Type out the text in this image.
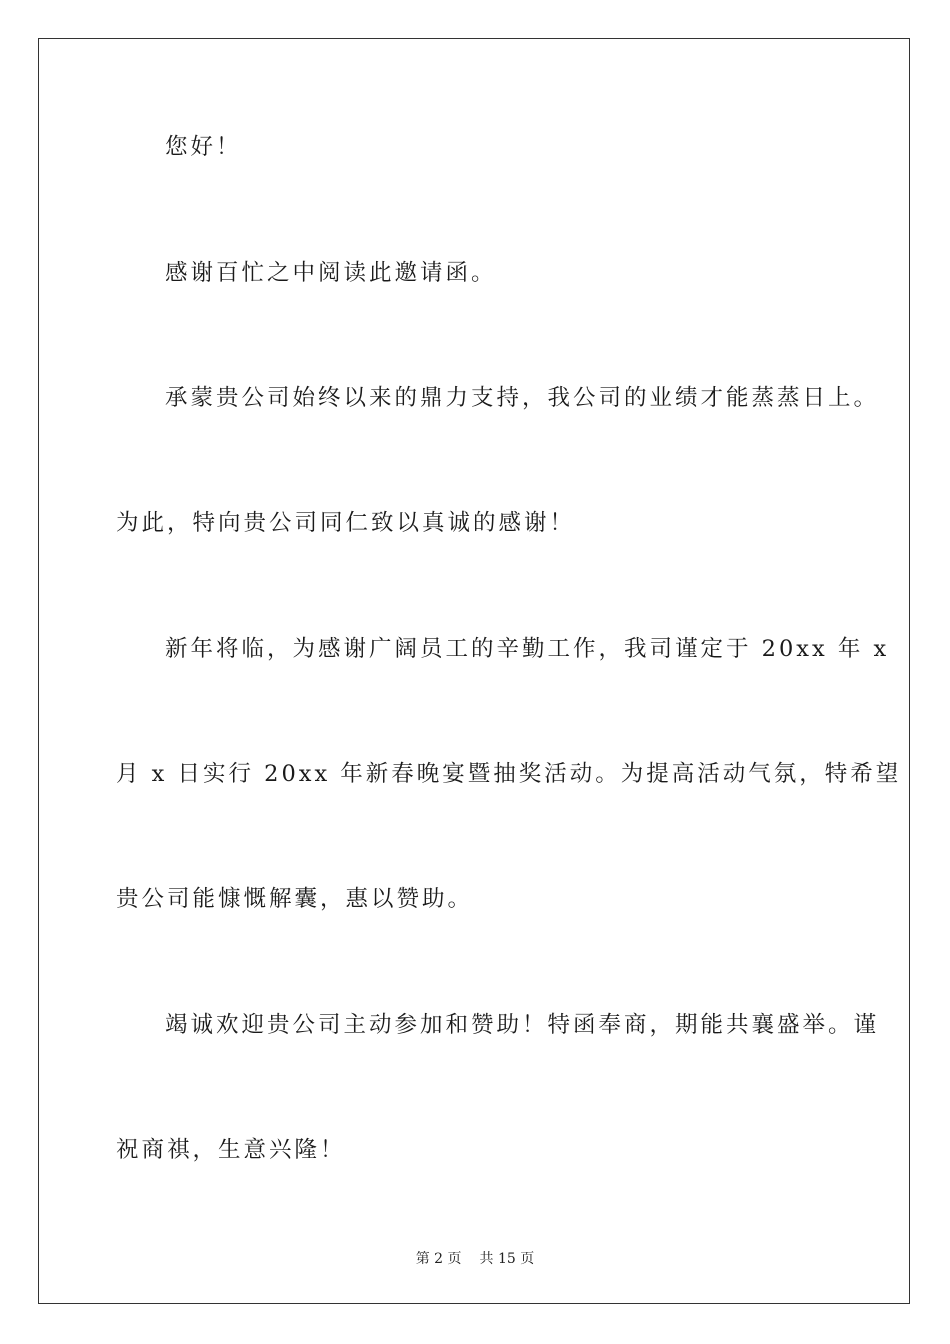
您好！
感谢百忙之中阅读此邀请函。
承蒙贵公司始终以来的鼎力支持，我公司的业绩才能蒸蒸日上。
为此，特向贵公司同仁致以真诚的感谢！
新年将临，为感谢广阔员工的辛勤工作，我司谨定于 20xx 年 x
月 x 日实行 20xx 年新春晚宴暨抽奖活动。为提高活动气氛，特希望
贵公司能慷慨解囊，惠以赞助。
竭诚欢迎贵公司主动参加和赞助！特函奉商，期能共襄盛举。谨
祝商祺，生意兴隆！
第 2 页 共 15 页
